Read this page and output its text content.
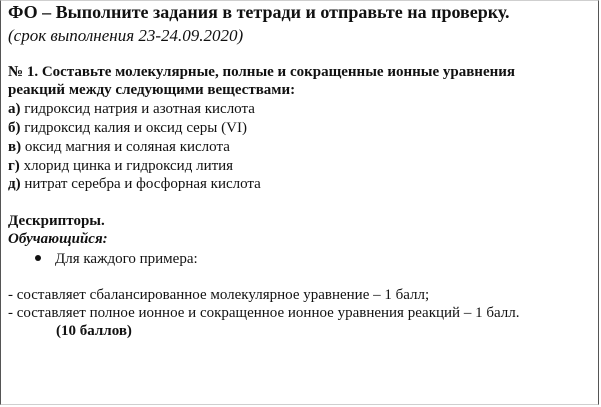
ФО – Выполните задания в тетради и отправьте на проверку.
(срок выполнения 23-24.09.2020)
№ 1. Составьте молекулярные, полные и сокращенные ионные уравнения
реакций между следующими веществами:
а) гидроксид натрия и азотная кислота
б) гидроксид калия и оксид серы (VI)
в) оксид магния и соляная кислота
г) хлорид цинка и гидроксид лития
д) нитрат серебра и фосфорная кислота
Дескрипторы.
Обучающийся:
Для каждого примера:
- составляет сбалансированное молекулярное уравнение – 1 балл;
- составляет полное ионное и сокращенное ионное уравнения реакций – 1 балл.
(10 баллов)
